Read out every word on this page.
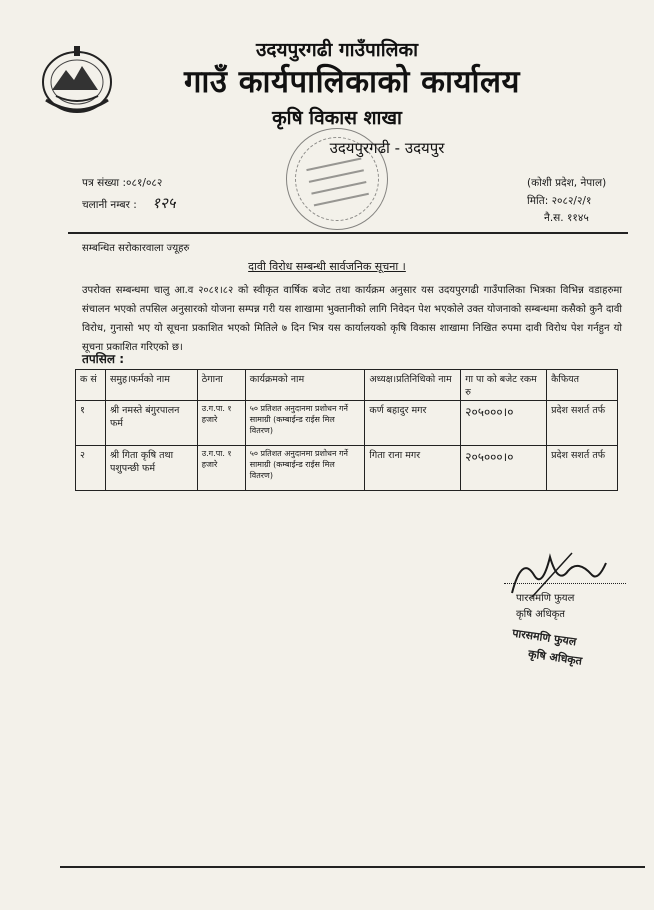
उदयपुरगढी गाउँपालिका
गाउँ कार्यपालिकाको कार्यालय
कृषि विकास शाखा
उदयपुरगढी - उदयपुर
पत्र संख्या :०८१/०८२
चलानी नम्बर : १२५
(कोशी प्रदेश, नेपाल)
मिति: २०८२/२/१
नै.स. ११४५
सम्बन्धित सरोकारवाला ज्यूहरु
दावी विरोध सम्बन्धी सार्वजनिक सूचना ।
उपरोक्त सम्बन्धमा चालु आ.व २०८१।८२ को स्वीकृत वार्षिक बजेट तथा कार्यक्रम अनुसार यस उदयपुरगढी गाउँपालिका भित्रका विभिन्न वडाहरुमा संचालन भएको तपसिल अनुसारको योजना सम्पन्न गरी यस शाखामा भुक्तानीको लागि निवेदन पेश भएकोले उक्त योजनाको सम्बन्धमा कसैको कुनै दावी विरोध, गुनासो भए यो सूचना प्रकाशित भएको मितिले ७ दिन भित्र यस कार्यालयको कृषि विकास शाखामा निखित रुपमा दावी विरोध पेश गर्नहुन यो सूचना प्रकाशित गरिएको छ।
तपसिल :
क सं	समुह।फर्मको नाम	ठेगाना	कार्यक्रमको नाम	अध्यक्ष।प्रतिनिधिको नाम	गा पा को बजेट रकम रु	कैफियत
१	श्री नमस्ते बंगुरपालन फर्म	उ.ग.पा. १ हजारे	५० प्रतिशत अनुदानमा प्रशोधन गर्ने सामाग्री (कम्बाईन्ड राईस मिल वितरण)	कर्ण बहादुर मगर	२०५०००।०	प्रदेश सशर्त तर्फ
२	श्री गिता कृषि तथा पशुपन्छी फर्म	उ.ग.पा. १ हजारे	५० प्रतिशत अनुदानमा प्रशोधन गर्ने सामाग्री (कम्बाईन्ड राईस मिल वितरण)	गिता राना मगर	२०५०००।०	प्रदेश सशर्त तर्फ
पारसमणि फुयल
कृषि अधिकृत
पारसमणि फुयल
कृषि अधिकृत
